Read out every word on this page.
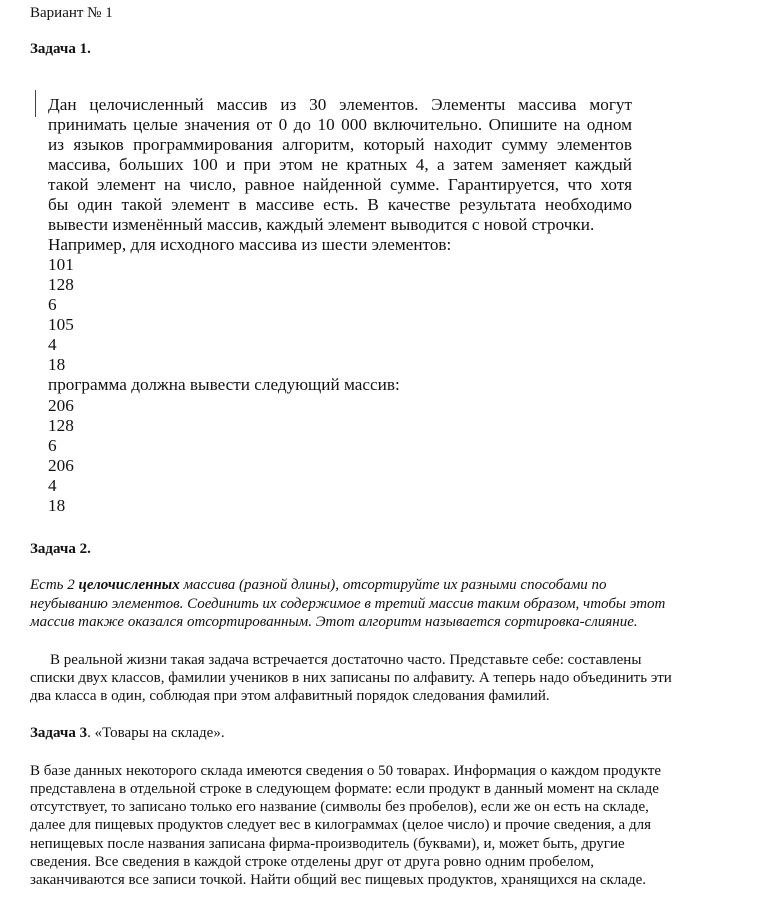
Вариант № 1
Задача 1.
Дан целочисленный массив из 30 элементов. Элементы массива могут
принимать целые значения от 0 до 10 000 включительно. Опишите на одном
из языков программирования алгоритм, который находит сумму элементов
массива, больших 100 и при этом не кратных 4, а затем заменяет каждый
такой элемент на число, равное найденной сумме. Гарантируется, что хотя
бы один такой элемент в массиве есть. В качестве результата необходимо
вывести изменённый массив, каждый элемент выводится с новой строчки.
Например, для исходного массива из шести элементов:
101
128
6
105
4
18
программа должна вывести следующий массив:
206
128
6
206
4
18
Задача 2.
Есть 2 целочисленных массива (разной длины), отсортируйте их разными способами по
неубыванию элементов. Соединить их содержимое в третий массив таким образом, чтобы этот
массив также оказался отсортированным. Этот алгоритм называется сортировка-слияние.
В реальной жизни такая задача встречается достаточно часто. Представьте себе: составлены
списки двух классов, фамилии учеников в них записаны по алфавиту. А теперь надо объединить эти
два класса в один, соблюдая при этом алфавитный порядок следования фамилий.
Задача 3. «Товары на складе».
В базе данных некоторого склада имеются сведения о 50 товарах. Информация о каждом продукте
представлена в отдельной строке в следующем формате: если продукт в данный момент на складе
отсутствует, то записано только его название (символы без пробелов), если же он есть на складе,
далее для пищевых продуктов следует вес в килограммах (целое число) и прочие сведения, а для
непищевых после названия записана фирма-производитель (буквами), и, может быть, другие
сведения. Все сведения в каждой строке отделены друг от друга ровно одним пробелом,
заканчиваются все записи точкой. Найти общий вес пищевых продуктов, хранящихся на складе.
